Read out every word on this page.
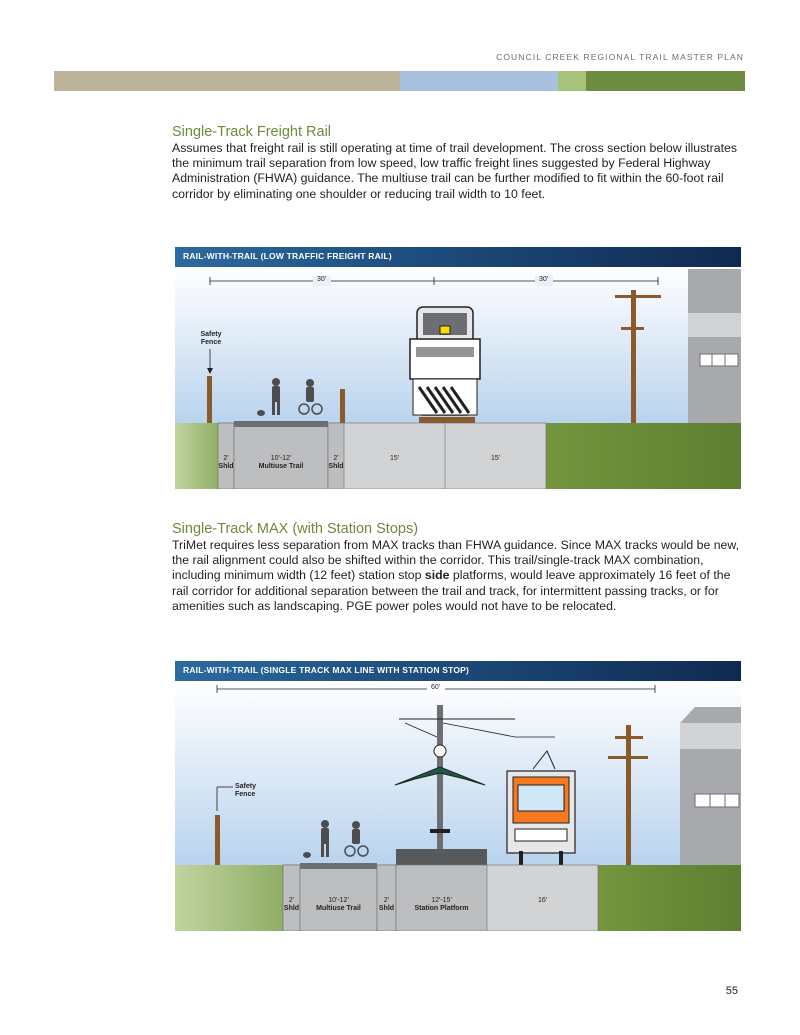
COUNCIL CREEK REGIONAL TRAIL MASTER PLAN
Single-Track Freight Rail

Assumes that freight rail is still operating at time of trail development. The cross section below illustrates the minimum trail separation from low speed, low traffic freight lines suggested by Federal Highway Administration (FHWA) guidance. The multiuse trail can be further modified to fit within the 60-foot rail corridor by eliminating one shoulder or reducing trail width to 10 feet.

RAIL-WITH-TRAIL (LOW TRAFFIC FREIGHT RAIL)
30'	30'
Safety
Fence
2'
Shld
10'-12'
Multiuse Trail
2'
Shld
15'	15'
Single-Track MAX (with Station Stops)

TriMet requires less separation from MAX tracks than FHWA guidance. Since MAX tracks would be new, the rail alignment could also be shifted within the corridor. This trail/single-track MAX combination, including minimum width (12 feet) station stop side platforms, would leave approximately 16 feet of the rail corridor for additional separation between the trail and track, for intermittent passing tracks, or for amenities such as landscaping. PGE power poles would not have to be relocated.

RAIL-WITH-TRAIL (SINGLE TRACK MAX LINE WITH STATION STOP)
60'
Safety
Fence
2'
Shld
10'-12'
Multiuse Trail
2'
Shld
12'-15'
Station Platform
16'
55
